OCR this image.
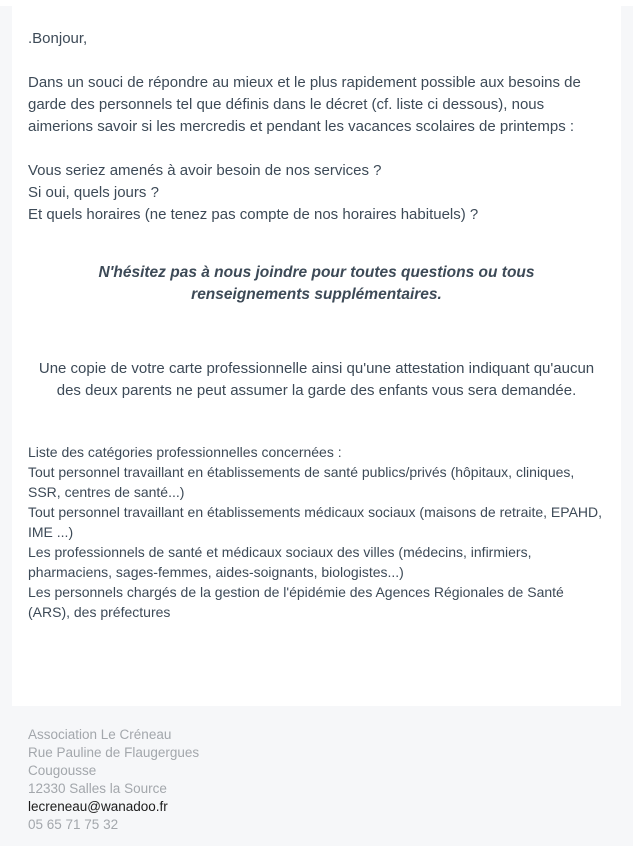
.Bonjour,

Dans un souci de répondre au mieux et le plus rapidement possible aux besoins de garde des personnels tel que définis dans le décret (cf. liste ci dessous), nous aimerions savoir si les mercredis et pendant les vacances scolaires de printemps :

Vous seriez amenés à avoir besoin de nos services ?
Si oui, quels jours ?
Et quels horaires (ne tenez pas compte de nos horaires habituels) ?

N'hésitez pas à nous joindre pour toutes questions ou tous renseignements supplémentaires.

Une copie de votre carte professionnelle ainsi qu'une attestation indiquant qu'aucun des deux parents ne peut assumer la garde des enfants vous sera demandée.

Liste des catégories professionnelles concernées :
Tout personnel travaillant en établissements de santé publics/privés (hôpitaux, cliniques, SSR, centres de santé...)
Tout personnel travaillant en établissements médicaux sociaux (maisons de retraite, EPAHD, IME ...)
Les professionnels de santé et médicaux sociaux des villes (médecins, infirmiers, pharmaciens, sages-femmes, aides-soignants, biologistes...)
Les personnels chargés de la gestion de l'épidémie des Agences Régionales de Santé (ARS), des préfectures
Association Le Créneau
Rue Pauline de Flaugergues
Cougousse
12330 Salles la Source
lecreneau@wanadoo.fr
05 65 71 75 32
